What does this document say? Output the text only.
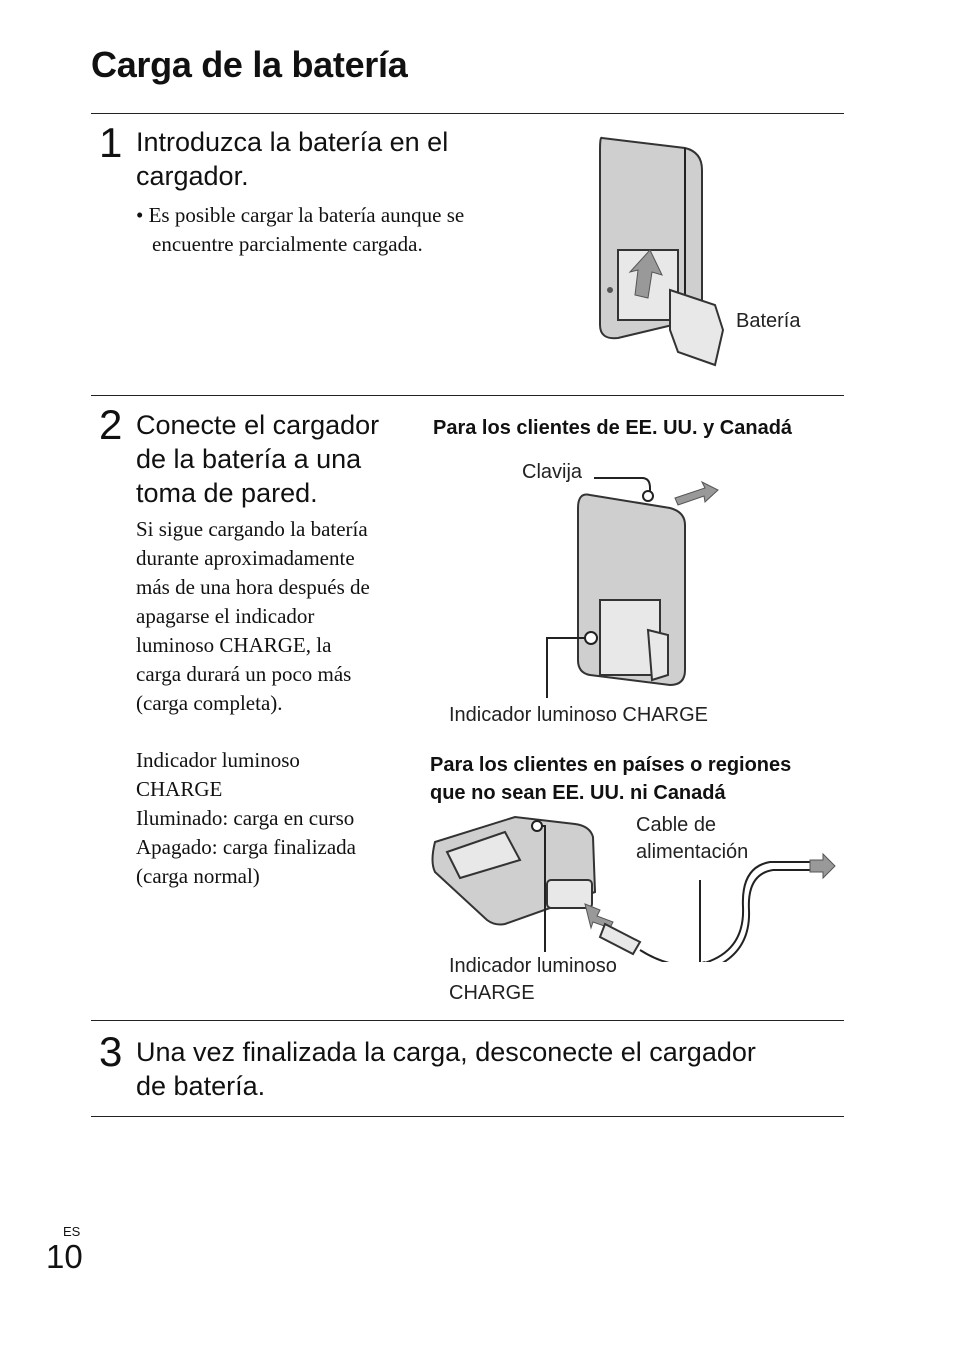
Carga de la batería
1 Introduzca la batería en el
cargador.
• Es posible cargar la batería aunque se
encuentre parcialmente cargada.
Batería
2 Conecte el cargador
de la batería a una
toma de pared.
Si sigue cargando la batería
durante aproximadamente
más de una hora después de
apagarse el indicador
luminoso CHARGE, la
carga durará un poco más
(carga completa).
Indicador luminoso
CHARGE
Iluminado: carga en curso
Apagado: carga finalizada
(carga normal)
Para los clientes de EE. UU. y Canadá
Clavija
Indicador luminoso CHARGE
Para los clientes en países o regiones
que no sean EE. UU. ni Canadá
Cable de
alimentación
Indicador luminoso
CHARGE
3 Una vez finalizada la carga, desconecte el cargador
de batería.
ES
10
